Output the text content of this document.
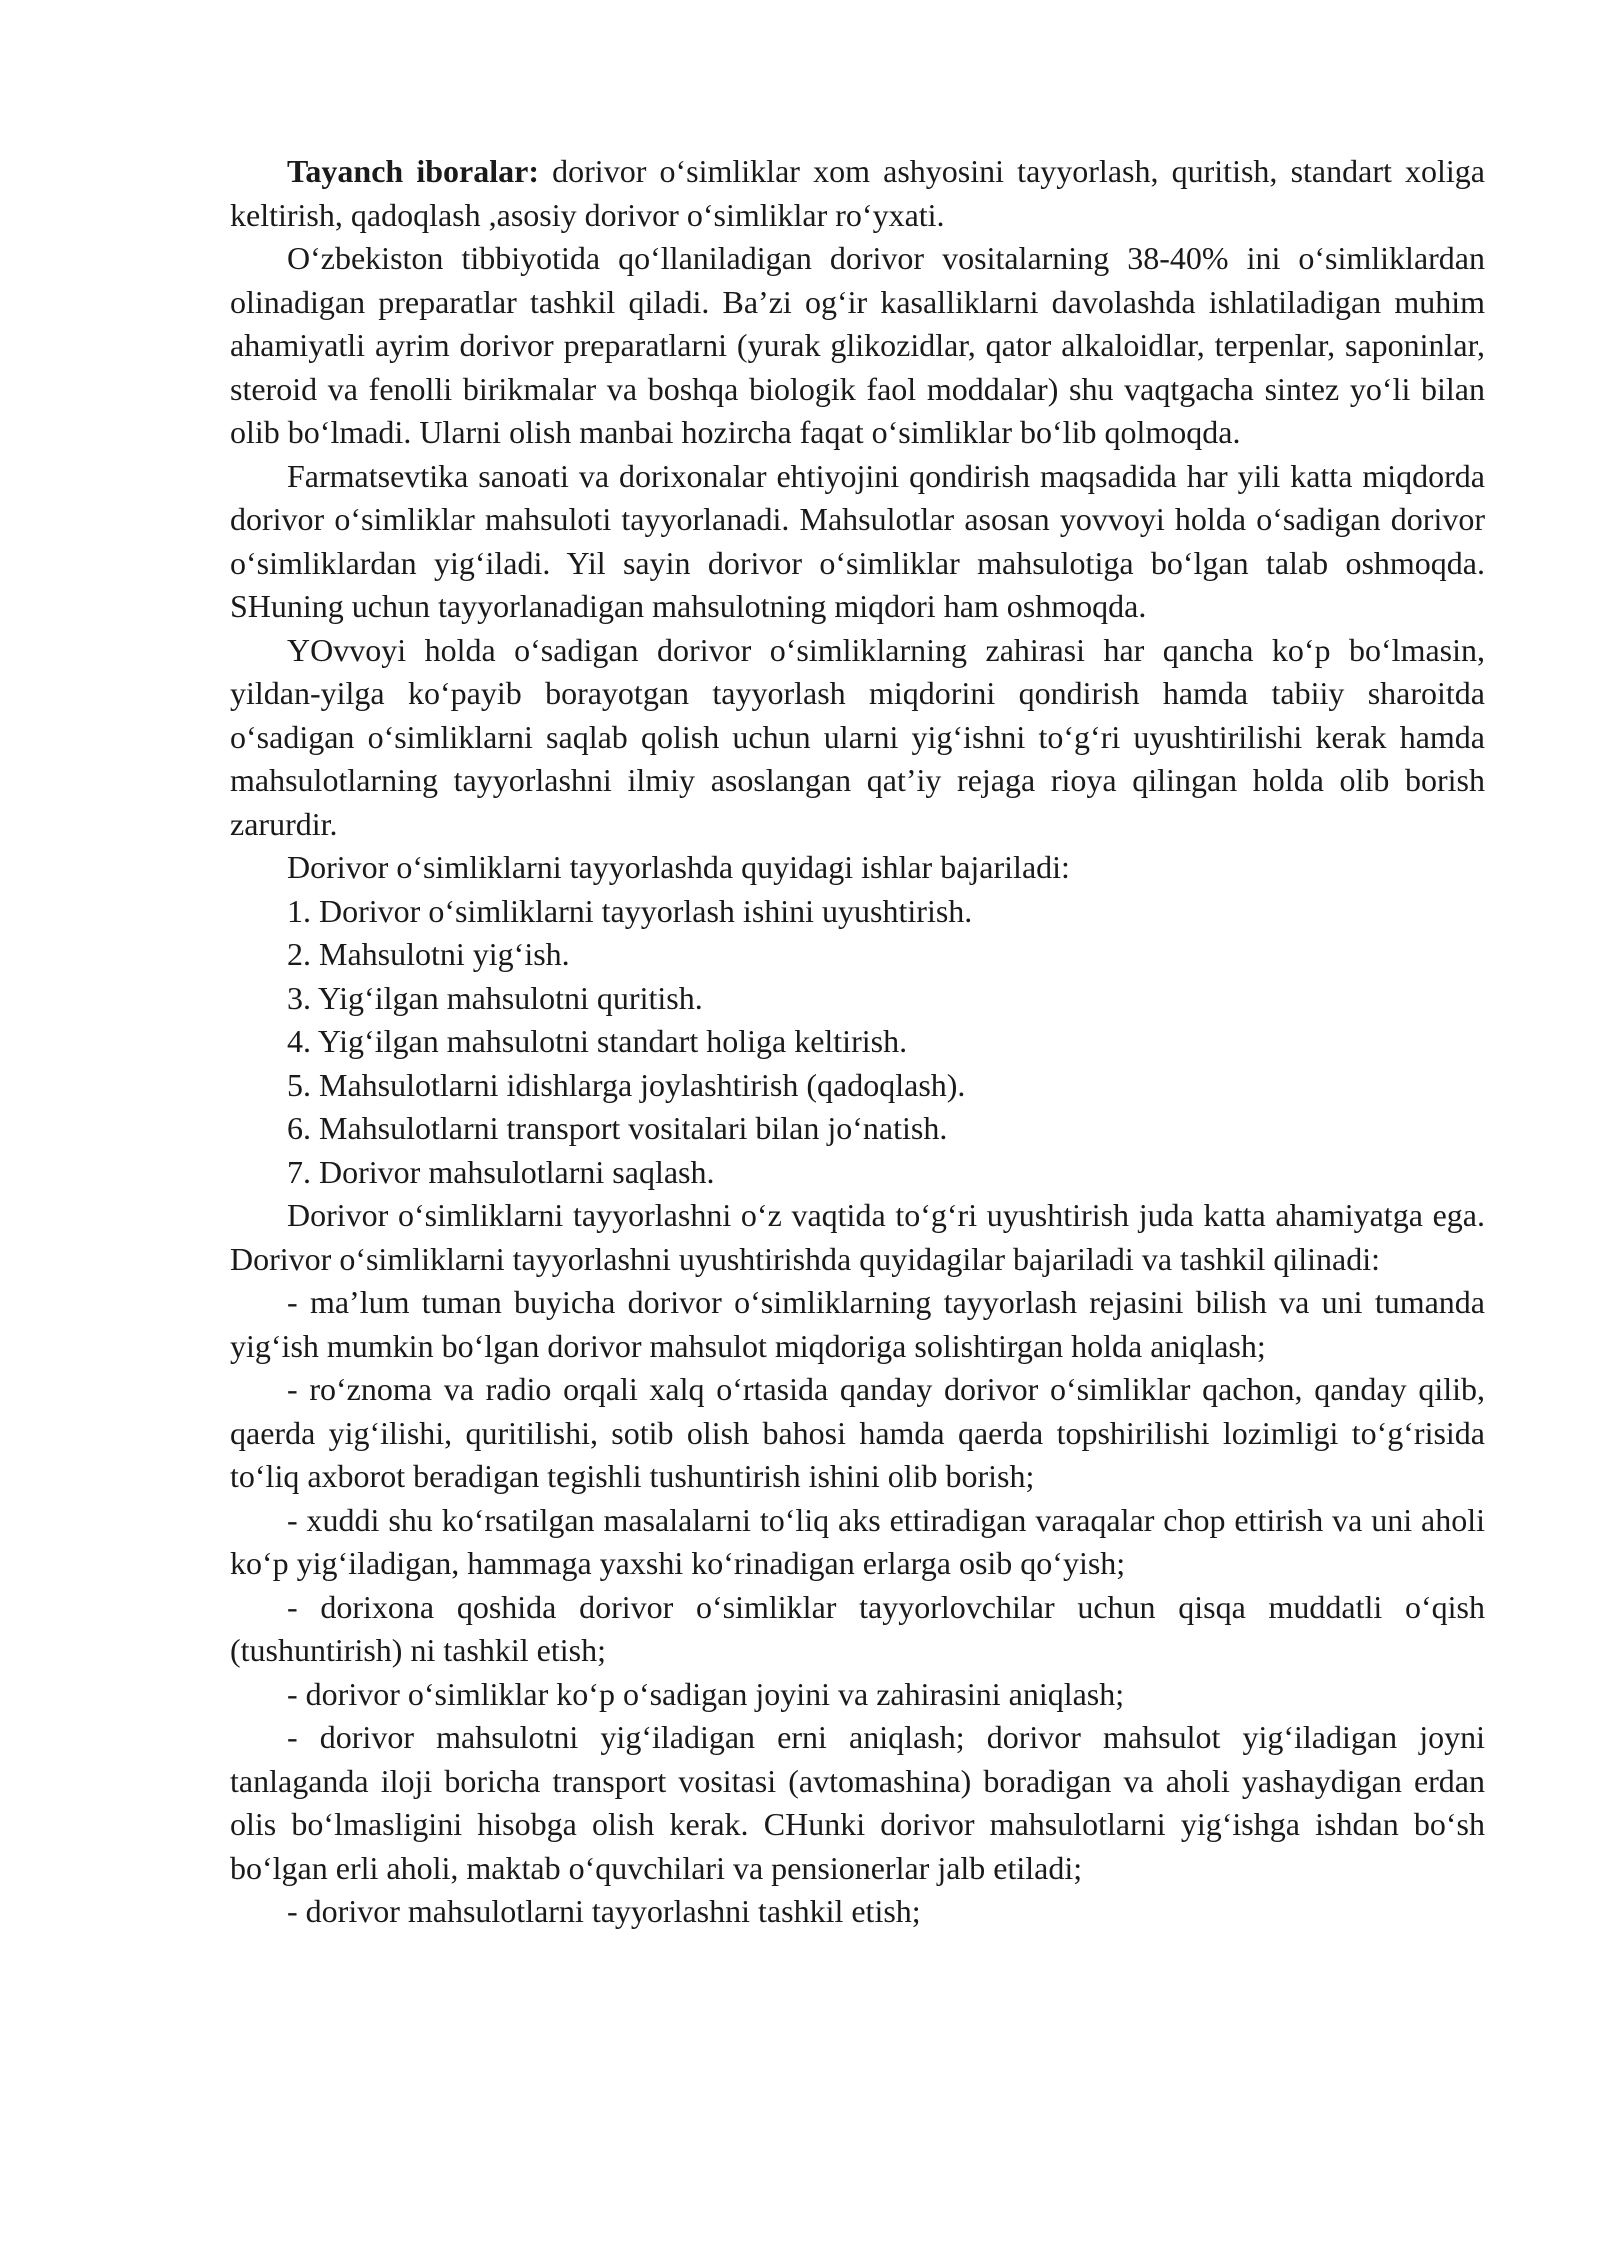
Tayanch iboralar: dorivor o‘simliklar xom ashyosini tayyorlash, quritish, standart xoliga keltirish, qadoqlash ,asosiy dorivor o‘simliklar ro‘yxati.

O‘zbekiston tibbiyotida qo‘llaniladigan dorivor vositalarning 38-40% ini o‘simliklardan olinadigan preparatlar tashkil qiladi. Ba’zi og‘ir kasalliklarni davolashda ishlatiladigan muhim ahamiyatli ayrim dorivor preparatlarni (yurak glikozidlar, qator alkaloidlar, terpenlar, saponinlar, steroid va fenolli birikmalar va boshqa biologik faol moddalar) shu vaqtgacha sintez yo‘li bilan olib bo‘lmadi. Ularni olish manbai hozircha faqat o‘simliklar bo‘lib qolmoqda.

Farmatsevtika sanoati va dorixonalar ehtiyojini qondirish maqsadida har yili katta miqdorda dorivor o‘simliklar mahsuloti tayyorlanadi. Mahsulotlar asosan yovvoyi holda o‘sadigan dorivor o‘simliklardan yig‘iladi. Yil sayin dorivor o‘simliklar mahsulotiga bo‘lgan talab oshmoqda. SHuning uchun tayyorlanadigan mahsulotning miqdori ham oshmoqda.

YOvvoyi holda o‘sadigan dorivor o‘simliklarning zahirasi har qancha ko‘p bo‘lmasin, yildan-yilga ko‘payib borayotgan tayyorlash miqdorini qondirish hamda tabiiy sharoitda o‘sadigan o‘simliklarni saqlab qolish uchun ularni yig‘ishni to‘g‘ri uyushtirilishi kerak hamda mahsulotlarning tayyorlashni ilmiy asoslangan qat’iy rejaga rioya qilingan holda olib borish zarurdir.

Dorivor o‘simliklarni tayyorlashda quyidagi ishlar bajariladi:

1. Dorivor o‘simliklarni tayyorlash ishini uyushtirish.
2. Mahsulotni yig‘ish.
3. Yig‘ilgan mahsulotni quritish.
4. Yig‘ilgan mahsulotni standart holiga keltirish.
5. Mahsulotlarni idishlarga joylashtirish (qadoqlash).
6. Mahsulotlarni transport vositalari bilan jo‘natish.
7. Dorivor mahsulotlarni saqlash.

Dorivor o‘simliklarni tayyorlashni o‘z vaqtida to‘g‘ri uyushtirish juda katta ahamiyatga ega. Dorivor o‘simliklarni tayyorlashni uyushtirishda quyidagilar bajariladi va tashkil qilinadi:

- ma’lum tuman buyicha dorivor o‘simliklarning tayyorlash rejasini bilish va uni tumanda yig‘ish mumkin bo‘lgan dorivor mahsulot miqdoriga solishtirgan holda aniqlash;
- ro‘znoma va radio orqali xalq o‘rtasida qanday dorivor o‘simliklar qachon, qanday qilib, qaerda yig‘ilishi, quritilishi, sotib olish bahosi hamda qaerda topshirilishi lozimligi to‘g‘risida to‘liq axborot beradigan tegishli tushuntirish ishini olib borish;
- xuddi shu ko‘rsatilgan masalalarni to‘liq aks ettiradigan varaqalar chop ettirish va uni aholi ko‘p yig‘iladigan, hammaga yaxshi ko‘rinadigan erlarga osib qo‘yish;
- dorixona qoshida dorivor o‘simliklar tayyorlovchilar uchun qisqa muddatli o‘qish (tushuntirish) ni tashkil etish;
- dorivor o‘simliklar ko‘p o‘sadigan joyini va zahirasini aniqlash;
- dorivor mahsulotni yig‘iladigan erni aniqlash; dorivor mahsulot yig‘iladigan joyni tanlaganda iloji boricha transport vositasi (avtomashina) boradigan va aholi yashaydigan erdan olis bo‘lmasligini hisobga olish kerak. CHunki dorivor mahsulotlarni yig‘ishga ishdan bo‘sh bo‘lgan erli aholi, maktab o‘quvchilari va pensionerlar jalb etiladi;
- dorivor mahsulotlarni tayyorlashni tashkil etish;
